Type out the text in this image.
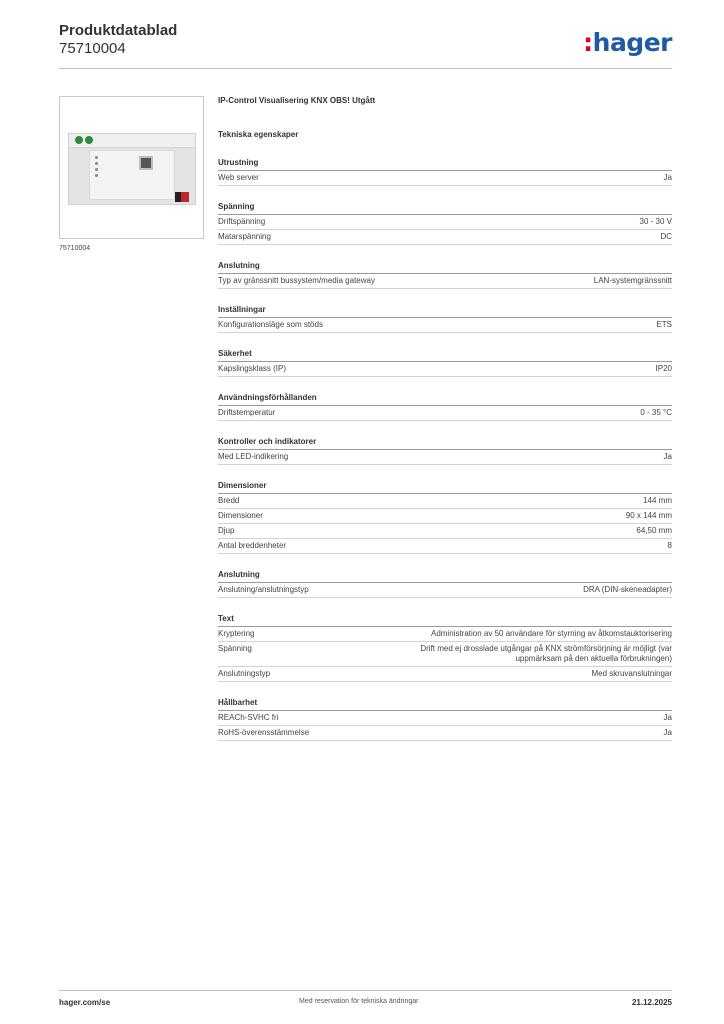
Produktdatablad
75710004	:hager
75710004
IP-Control Visualisering KNX OBS! Utgått
Tekniska egenskaper
Utrustning
Web server	Ja
Spänning
Driftspänning	30 - 30 V
Matarspänning	DC
Anslutning
Typ av gränssnitt bussystem/media gateway	LAN-systemgränssnitt
Inställningar
Konfigurationsläge som stöds	ETS
Säkerhet
Kapslingsklass (IP)	IP20
Användningsförhållanden
Driftstemperatur	0 - 35 °C
Kontroller och indikatorer
Med LED-indikering	Ja
Dimensioner
Bredd	144 mm
Dimensioner	90 x 144 mm
Djup	64,50 mm
Antal breddenheter	8
Anslutning
Anslutning/anslutningstyp	DRA (DIN-skeneadapter)
Text
Kryptering	Administration av 50 användare för styrning av åtkomstauktorisering
Spänning	Drift med ej drosslade utgångar på KNX strömförsörjning är möjligt (var uppmärksam på den aktuella förbrukningen)
Anslutningstyp	Med skruvanslutningar
Hållbarhet
REACh-SVHC fri	Ja
RoHS-överensstämmelse	Ja
hager.com/se	Med reservation för tekniska ändringar	21.12.2025
